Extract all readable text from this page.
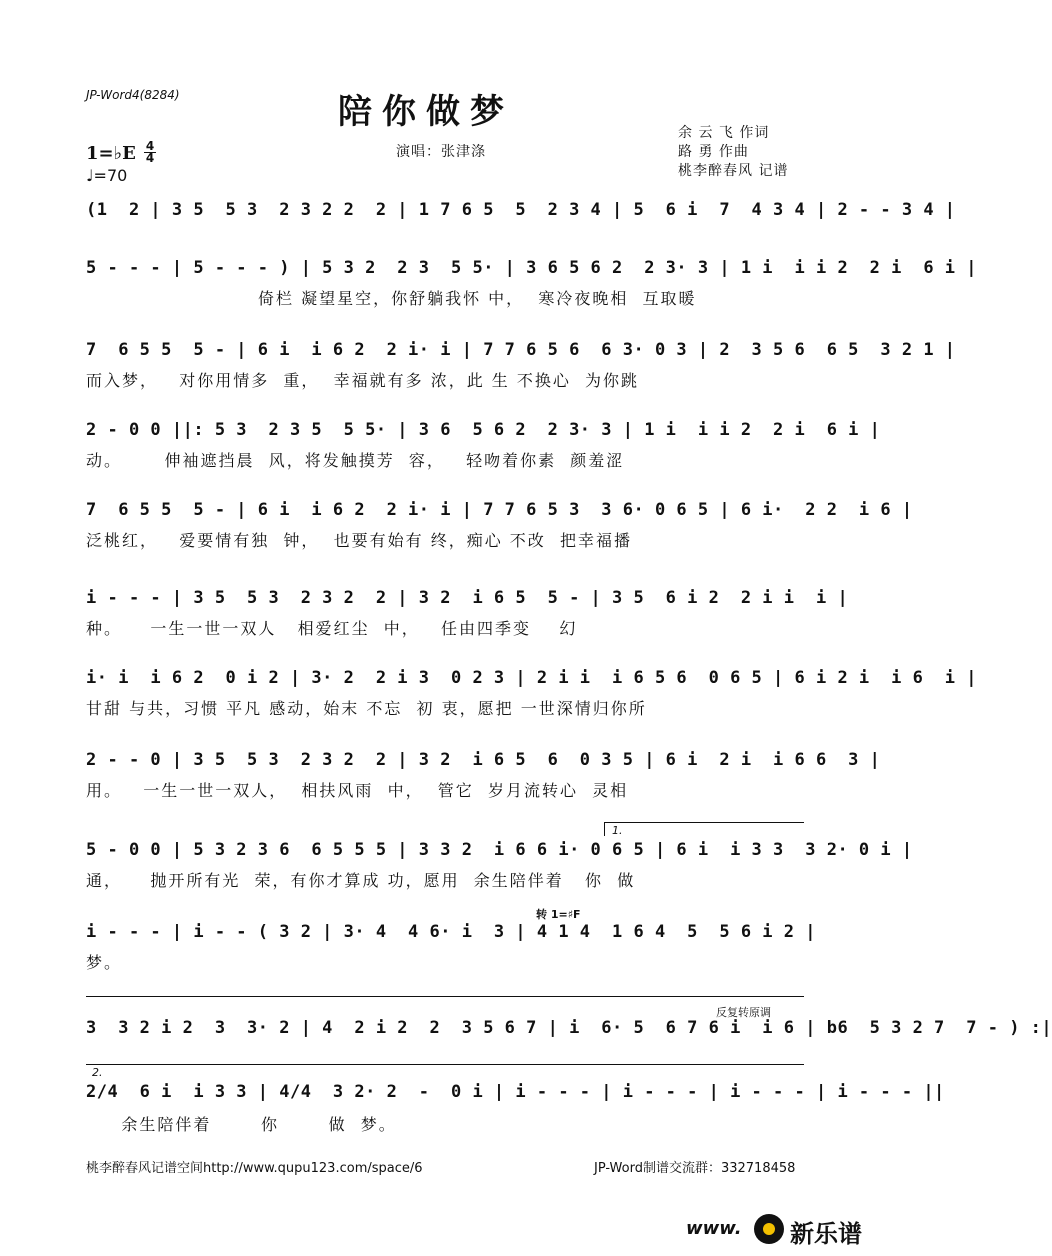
JP-Word4(8284)	陪你做梦
1=♭E 4
4
♩=70
演唱：张津涤
余 云 飞 作词
路 勇 作曲
桃李醉春风 记谱
(1  2 | 3 5  5 3  2 3 2 2  2 | 1 7 6 5  5  2 3 4 | 5  6 i  7  4 3 4 | 2 - - 3 4 |
5 - - - | 5 - - - ) | 5 3 2  2 3  5 5· | 3 6 5 6 2  2 3· 3 | 1 i  i i 2  2 i  6 i |
倚栏 凝望星空，你舒躺我怀 中，  寒冷夜晚相  互取暖
7  6 5 5  5 - | 6 i  i 6 2  2 i· i | 7 7 6 5 6  6 3· 0 3 | 2  3 5 6  6 5  3 2 1 |
而入梦，   对你用情多  重，  幸福就有多 浓，此 生 不换心  为你跳
2 - 0 0 ||: 5 3  2 3 5  5 5· | 3 6  5 6 2  2 3· 3 | 1 i  i i 2  2 i  6 i |
动。      伸袖遮挡晨  风，将发触摸芳  容，   轻吻着你素  颜羞涩
7  6 5 5  5 - | 6 i  i 6 2  2 i· i | 7 7 6 5 3  3 6· 0 6 5 | 6 i·  2 2  i 6 |
泛桃红，   爱要情有独  钟，  也要有始有 终，痴心 不改  把幸福播
i - - - | 3 5  5 3  2 3 2  2 | 3 2  i 6 5  5 - | 3 5  6 i 2  2 i i  i |
种。    一生一世一双人   相爱红尘  中，   任由四季变    幻
i· i  i 6 2  0 i 2 | 3· 2  2 i 3  0 2 3 | 2 i i  i 6 5 6  0 6 5 | 6 i 2 i  i 6  i |
甘甜 与共，习惯 平凡 感动，始末 不忘  初 衷，愿把 一世深情归你所
2 - - 0 | 3 5  5 3  2 3 2  2 | 3 2  i 6 5  6  0 3 5 | 6 i  2 i  i 6 6  3 |
用。   一生一世一双人，  相扶风雨  中，  管它  岁月流转心  灵相
1.
5 - 0 0 | 5 3 2 3 6  6 5 5 5 | 3 3 2  i 6 6 i· 0 6 5 | 6 i  i 3 3  3 2· 0 i |
通，    抛开所有光  荣，有你才算成 功，愿用  余生陪伴着   你  做
转 1=♯F
i - - - | i - - ( 3 2 | 3· 4  4 6· i  3 | 4 1 4  1 6 4  5  5 6 i 2 |
梦。
反复转原调
3  3 2 i 2  3  3· 2 | 4  2 i 2  2  3 5 6 7 | i  6· 5  6 7 6 i  i 6 | b6  5 3 2 7  7 - ) :|
2.
2/4  6 i  i 3 3 | 4/4  3 2· 2  -  0 i | i - - - | i - - - | i - - - | i - - - ||
余生陪伴着       你       做  梦。
桃李醉春风记谱空间http://www.qupu123.com/space/6	JP-Word制谱交流群：332718458
www. 新乐谱
